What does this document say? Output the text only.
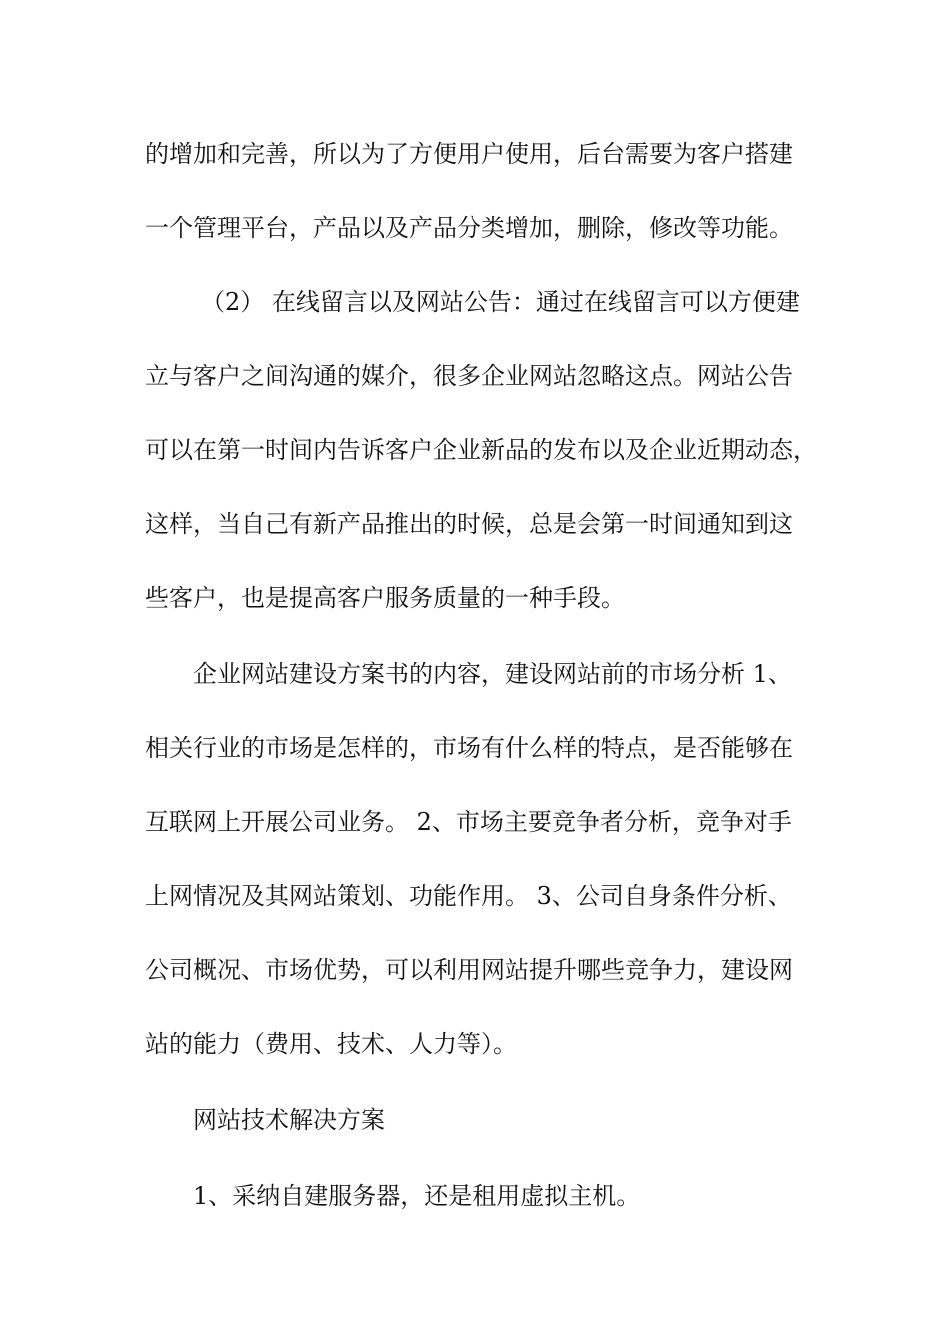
的增加和完善，所以为了方便用户使用，后台需要为客户搭建
一个管理平台，产品以及产品分类增加，删除，修改等功能。
（2） 在线留言以及网站公告：通过在线留言可以方便建
立与客户之间沟通的媒介，很多企业网站忽略这点。网站公告
可以在第一时间内告诉客户企业新品的发布以及企业近期动态，
这样，当自己有新产品推出的时候，总是会第一时间通知到这
些客户，也是提高客户服务质量的一种手段。
企业网站建设方案书的内容，建设网站前的市场分析 1、
相关行业的市场是怎样的，市场有什么样的特点，是否能够在
互联网上开展公司业务。 2、市场主要竞争者分析，竞争对手
上网情况及其网站策划、功能作用。 3、公司自身条件分析、
公司概况、市场优势，可以利用网站提升哪些竞争力，建设网
站的能力（费用、技术、人力等）。
网站技术解决方案
1、采纳自建服务器，还是租用虚拟主机。
